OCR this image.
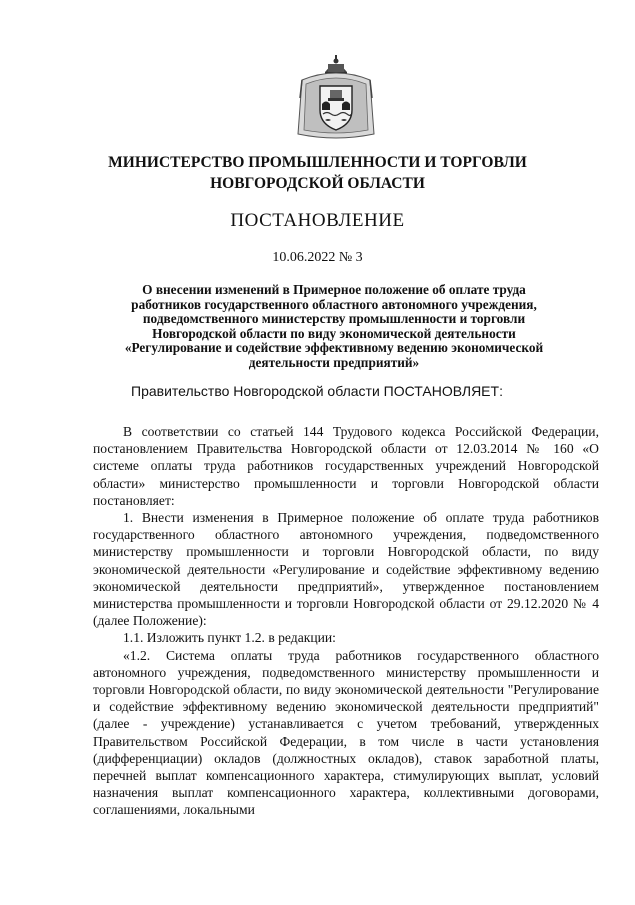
МИНИСТЕРСТВО ПРОМЫШЛЕННОСТИ И ТОРГОВЛИ
НОВГОРОДСКОЙ ОБЛАСТИ
ПОСТАНОВЛЕНИЕ
10.06.2022 № 3
О внесении изменений в Примерное положение об оплате труда
работников государственного областного автономного учреждения,
подведомственного министерству промышленности и торговли
Новгородской области по виду экономической деятельности
«Регулирование и содействие эффективному ведению экономической
деятельности предприятий»
Правительство Новгородской области ПОСТАНОВЛЯЕТ:

В соответствии со статьей 144 Трудового кодекса Российской Федерации, постановлением Правительства Новгородской области от 12.03.2014 № 160 «О системе оплаты труда работников государственных учреждений Новгородской области» министерство промышленности и торговли Новгородской области постановляет:

1. Внести изменения в Примерное положение об оплате труда работников государственного областного автономного учреждения, подведомственного министерству промышленности и торговли Новгородской области, по виду экономической деятельности «Регулирование и содействие эффективному ведению экономической деятельности предприятий», утвержденное постановлением министерства промышленности и торговли Новгородской области от 29.12.2020 № 4 (далее Положение):

1.1. Изложить пункт 1.2. в редакции:

«1.2. Система оплаты труда работников государственного областного автономного учреждения, подведомственного министерству промышленности и торговли Новгородской области, по виду экономической деятельности "Регулирование и содействие эффективному ведению экономической деятельности предприятий" (далее - учреждение) устанавливается с учетом требований, утвержденных Правительством Российской Федерации, в том числе в части установления (дифференциации) окладов (должностных окладов), ставок заработной платы, перечней выплат компенсационного характера, стимулирующих выплат, условий назначения выплат компенсационного характера, коллективными договорами, соглашениями, локальными
